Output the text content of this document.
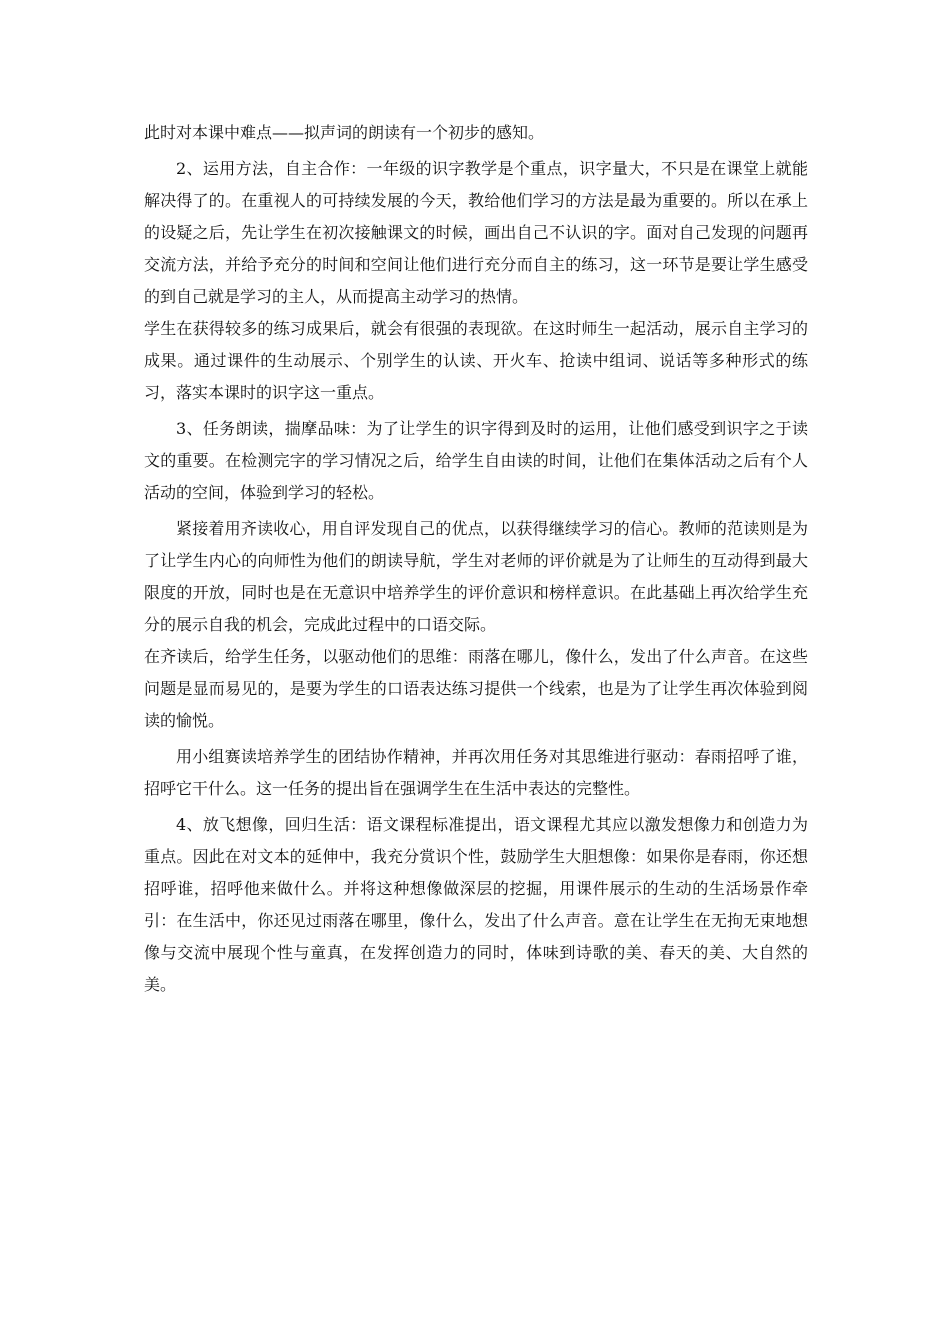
此时对本课中难点——拟声词的朗读有一个初步的感知。

2、运用方法，自主合作：一年级的识字教学是个重点，识字量大，不只是在课堂上就能解决得了的。在重视人的可持续发展的今天，教给他们学习的方法是最为重要的。所以在承上的设疑之后，先让学生在初次接触课文的时候，画出自己不认识的字。面对自己发现的问题再交流方法，并给予充分的时间和空间让他们进行充分而自主的练习，这一环节是要让学生感受的到自己就是学习的主人，从而提高主动学习的热情。

学生在获得较多的练习成果后，就会有很强的表现欲。在这时师生一起活动，展示自主学习的成果。通过课件的生动展示、个别学生的认读、开火车、抢读中组词、说话等多种形式的练习，落实本课时的识字这一重点。

3、任务朗读，揣摩品味：为了让学生的识字得到及时的运用，让他们感受到识字之于读文的重要。在检测完字的学习情况之后，给学生自由读的时间，让他们在集体活动之后有个人活动的空间，体验到学习的轻松。

紧接着用齐读收心，用自评发现自己的优点，以获得继续学习的信心。教师的范读则是为了让学生内心的向师性为他们的朗读导航，学生对老师的评价就是为了让师生的互动得到最大限度的开放，同时也是在无意识中培养学生的评价意识和榜样意识。在此基础上再次给学生充分的展示自我的机会，完成此过程中的口语交际。

在齐读后，给学生任务，以驱动他们的思维：雨落在哪儿，像什么，发出了什么声音。在这些问题是显而易见的，是要为学生的口语表达练习提供一个线索，也是为了让学生再次体验到阅读的愉悦。

用小组赛读培养学生的团结协作精神，并再次用任务对其思维进行驱动：春雨招呼了谁，招呼它干什么。这一任务的提出旨在强调学生在生活中表达的完整性。

4、放飞想像，回归生活：语文课程标准提出，语文课程尤其应以激发想像力和创造力为重点。因此在对文本的延伸中，我充分赏识个性，鼓励学生大胆想像：如果你是春雨，你还想招呼谁，招呼他来做什么。并将这种想像做深层的挖掘，用课件展示的生动的生活场景作牵引：在生活中，你还见过雨落在哪里，像什么，发出了什么声音。意在让学生在无拘无束地想像与交流中展现个性与童真，在发挥创造力的同时，体味到诗歌的美、春天的美、大自然的美。
